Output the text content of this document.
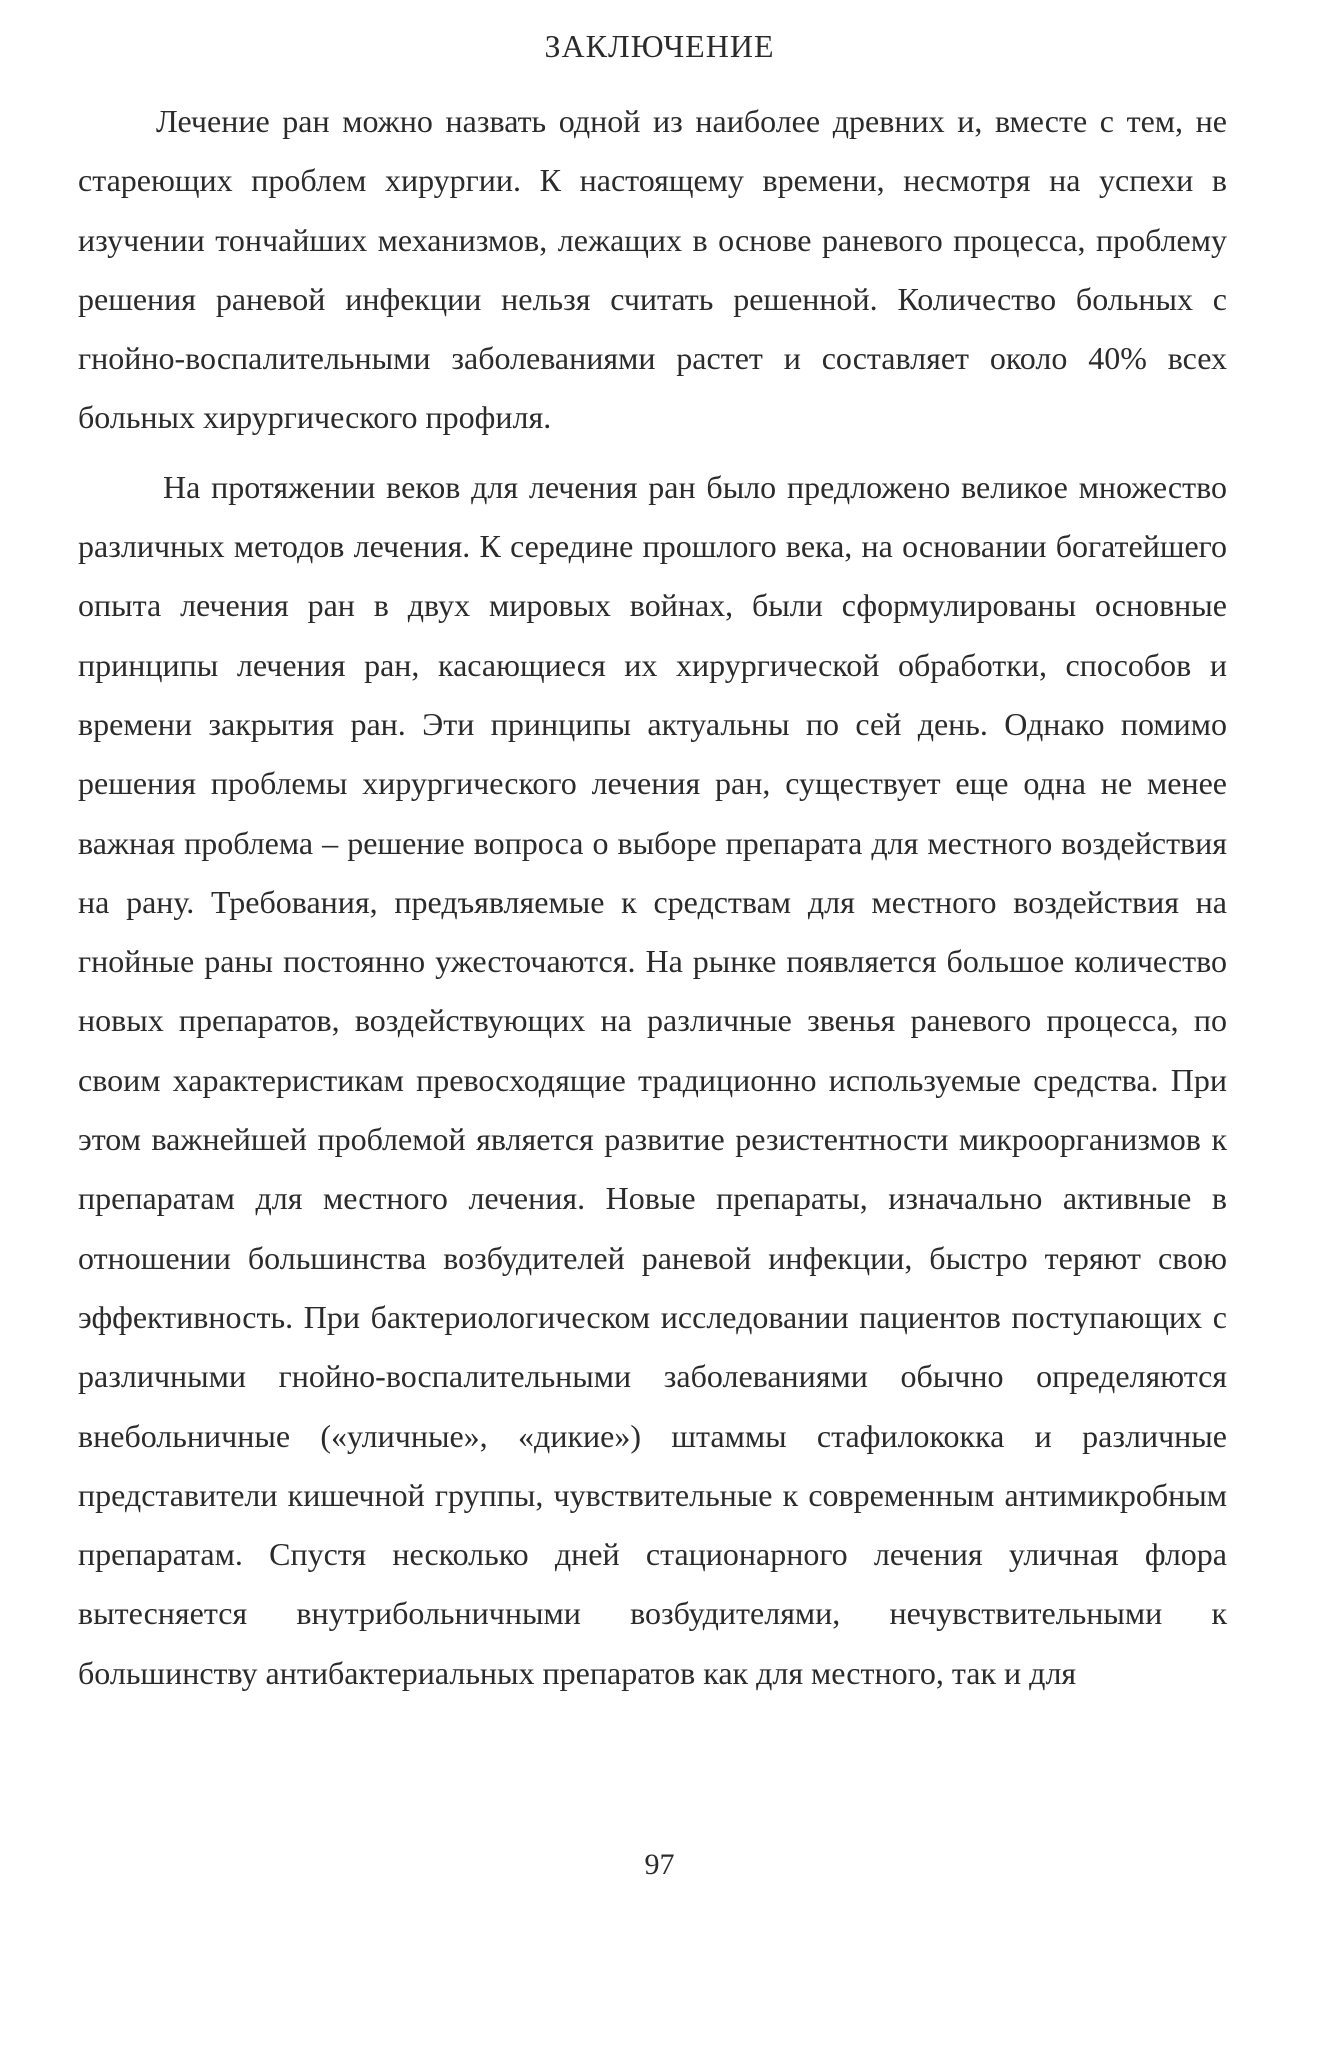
ЗАКЛЮЧЕНИЕ

Лечение ран можно назвать одной из наиболее древних и, вместе с тем, не стареющих проблем хирургии. К настоящему времени, несмотря на успехи в изучении тончайших механизмов, лежащих в основе раневого процесса, проблему решения раневой инфекции нельзя считать решенной. Количество больных с гнойно-воспалительными заболеваниями растет и составляет около 40% всех больных хирургического профиля.

На протяжении веков для лечения ран было предложено великое множество различных методов лечения. К середине прошлого века, на основании богатейшего опыта лечения ран в двух мировых войнах, были сформулированы основные принципы лечения ран, касающиеся их хирургической обработки, способов и времени закрытия ран. Эти принципы актуальны по сей день. Однако помимо решения проблемы хирургического лечения ран, существует еще одна не менее важная проблема – решение вопроса о выборе препарата для местного воздействия на рану. Требования, предъявляемые к средствам для местного воздействия на гнойные раны постоянно ужесточаются. На рынке появляется большое количество новых препаратов, воздействующих на различные звенья раневого процесса, по своим характеристикам превосходящие традиционно используемые средства. При этом важнейшей проблемой является развитие резистентности микроорганизмов к препаратам для местного лечения. Новые препараты, изначально активные в отношении большинства возбудителей раневой инфекции, быстро теряют свою эффективность. При бактериологическом исследовании пациентов поступающих с различными гнойно-воспалительными заболеваниями обычно определяются внебольничные («уличные», «дикие») штаммы стафилококка и различные представители кишечной группы, чувствительные к современным антимикробным препаратам. Спустя несколько дней стационарного лечения уличная флора вытесняется внутрибольничными возбудителями, нечувствительными к большинству антибактериальных препаратов как для местного, так и для

97
